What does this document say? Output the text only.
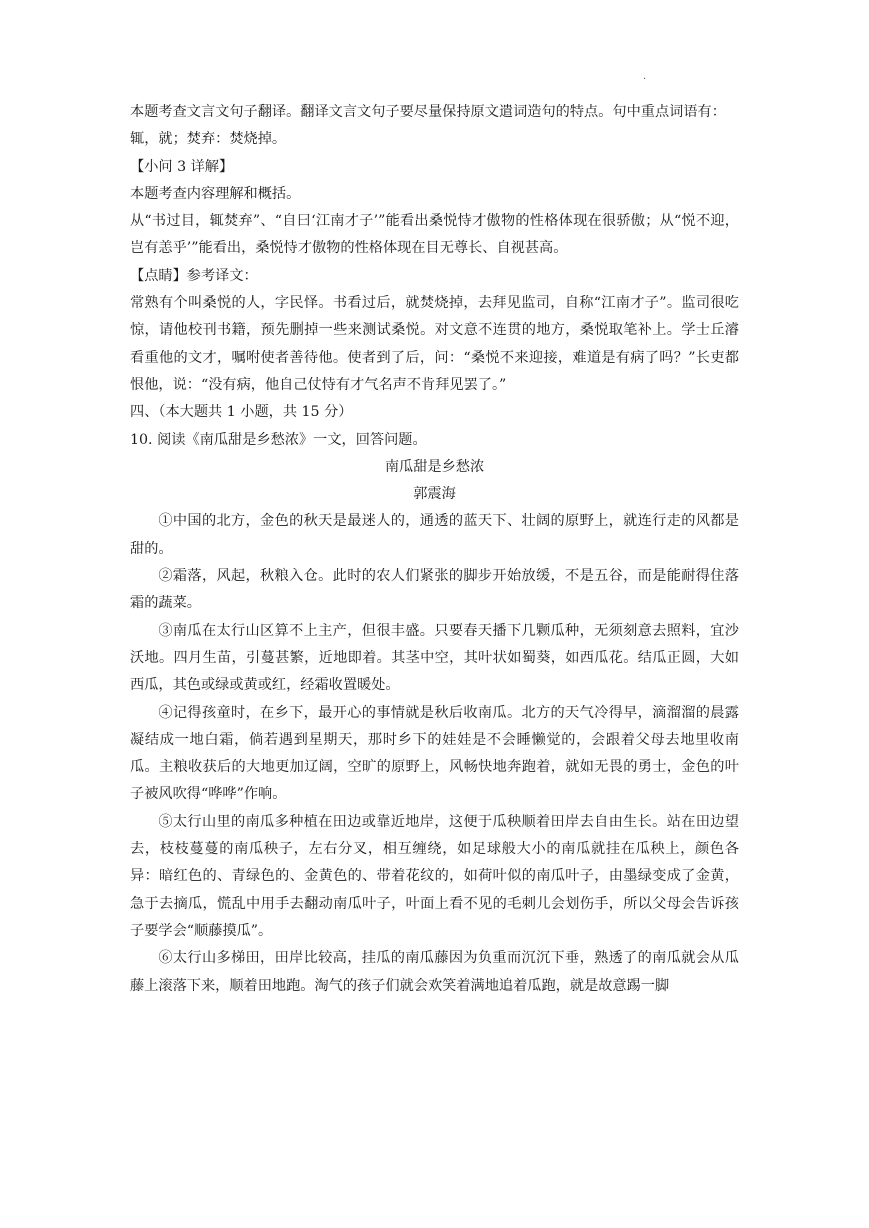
·

本题考查文言文句子翻译。翻译文言文句子要尽量保持原文遣词造句的特点。句中重点词语有：

辄，就；焚弃：焚烧掉。

【小问 3 详解】

本题考查内容理解和概括。

从“书过目，辄焚弃”、“自曰‘江南才子’”能看出桑悦恃才傲物的性格体现在很骄傲；从“悦不迎，岂有恙乎’”能看出，桑悦恃才傲物的性格体现在目无尊长、自视甚高。

【点睛】参考译文：

常熟有个叫桑悦的人，字民怿。书看过后，就焚烧掉，去拜见监司，自称“江南才子”。监司很吃惊，请他校刊书籍，预先删掉一些来测试桑悦。对文意不连贯的地方，桑悦取笔补上。学士丘濬看重他的文才，嘱咐使者善待他。使者到了后，问：“桑悦不来迎接，难道是有病了吗？”长吏都恨他，说：“没有病，他自己仗恃有才气名声不肯拜见罢了。”

四、（本大题共 1 小题，共 15 分）

10. 阅读《南瓜甜是乡愁浓》一文，回答问题。

南瓜甜是乡愁浓

郭震海

①中国的北方，金色的秋天是最迷人的，通透的蓝天下、壮阔的原野上，就连行走的风都是甜的。

②霜落，风起，秋粮入仓。此时的农人们紧张的脚步开始放缓，不是五谷，而是能耐得住落霜的蔬菜。

③南瓜在太行山区算不上主产，但很丰盛。只要春天播下几颗瓜种，无须刻意去照料，宜沙沃地。四月生苗，引蔓甚繁，近地即着。其茎中空，其叶状如蜀葵，如西瓜花。结瓜正圆，大如西瓜，其色或绿或黄或红，经霜收置暖处。

④记得孩童时，在乡下，最开心的事情就是秋后收南瓜。北方的天气冷得早，滴溜溜的晨露凝结成一地白霜，倘若遇到星期天，那时乡下的娃娃是不会睡懒觉的，会跟着父母去地里收南瓜。主粮收获后的大地更加辽阔，空旷的原野上，风畅快地奔跑着，就如无畏的勇士，金色的叶子被风吹得“哗哗”作响。

⑤太行山里的南瓜多种植在田边或靠近地岸，这便于瓜秧顺着田岸去自由生长。站在田边望去，枝枝蔓蔓的南瓜秧子，左右分叉，相互缠绕，如足球般大小的南瓜就挂在瓜秧上，颜色各异：暗红色的、青绿色的、金黄色的、带着花纹的，如荷叶似的南瓜叶子，由墨绿变成了金黄，急于去摘瓜，慌乱中用手去翻动南瓜叶子，叶面上看不见的毛刺儿会划伤手，所以父母会告诉孩子要学会“顺藤摸瓜”。

⑥太行山多梯田，田岸比较高，挂瓜的南瓜藤因为负重而沉沉下垂，熟透了的南瓜就会从瓜藤上滚落下来，顺着田地跑。淘气的孩子们就会欢笑着满地追着瓜跑，就是故意踢一脚
